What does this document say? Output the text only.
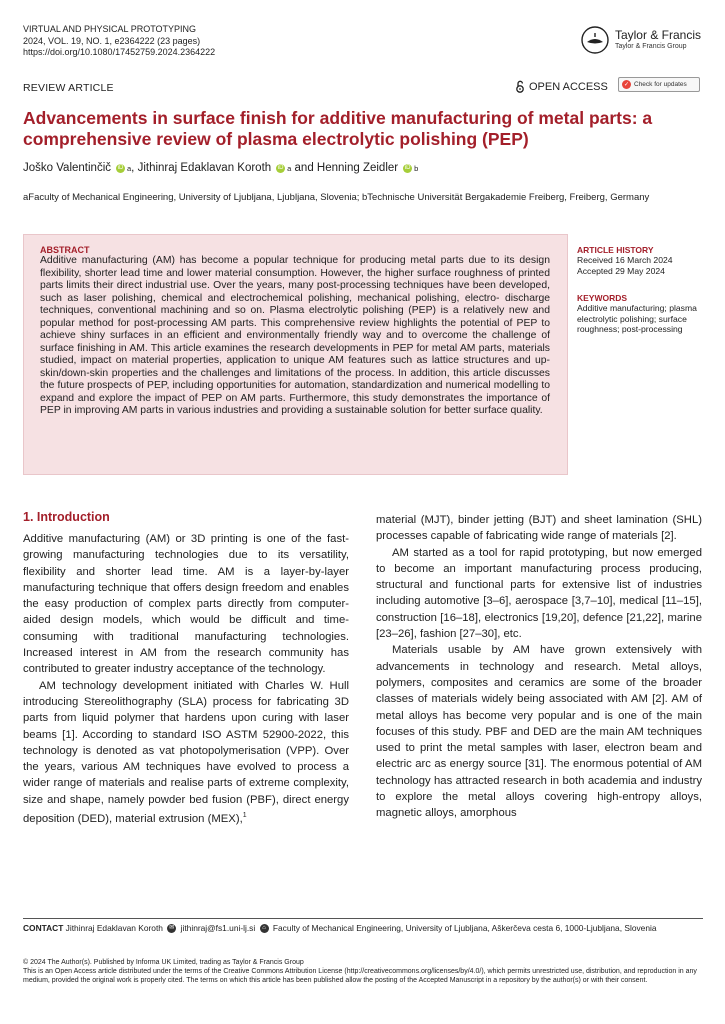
VIRTUAL AND PHYSICAL PROTOTYPING
2024, VOL. 19, NO. 1, e2364222 (23 pages)
https://doi.org/10.1080/17452759.2024.2364222
Taylor & Francis
Taylor & Francis Group
REVIEW ARTICLE	OPEN ACCESS	✓ Check for updates
Advancements in surface finish for additive manufacturing of metal parts: a comprehensive review of plasma electrolytic polishing (PEP)
Joško Valentinčič iD a , Jithinraj Edaklavan Koroth iD a and Henning Zeidler iD b
aFaculty of Mechanical Engineering, University of Ljubljana, Ljubljana, Slovenia; bTechnische Universität Bergakademie Freiberg, Freiberg, Germany
ABSTRACT
Additive manufacturing (AM) has become a popular technique for producing metal parts due to its design flexibility, shorter lead time and lower material consumption. However, the higher surface roughness of printed parts limits their direct industrial use. Over the years, many post-processing techniques have been developed, such as laser polishing, chemical and electrochemical polishing, mechanical polishing, electro- discharge techniques, conventional machining and so on. Plasma electrolytic polishing (PEP) is a relatively new and popular method for post-processing AM parts. This comprehensive review highlights the potential of PEP to achieve shiny surfaces in an efficient and environmentally friendly way and to overcome the challenge of surface finishing in AM. This article examines the research developments in PEP for metal AM parts, materials studied, impact on material properties, application to unique AM features such as lattice structures and up-skin/down-skin properties and the challenges and limitations of the process. In addition, this article discusses the future prospects of PEP, including opportunities for automation, standardization and numerical modelling to expand and explore the impact of PEP on AM parts. Furthermore, this study demonstrates the importance of PEP in improving AM parts in various industries and providing a sustainable solution for better surface quality.
ARTICLE HISTORY
Received 16 March 2024
Accepted 29 May 2024
KEYWORDS
Additive manufacturing; plasma electrolytic polishing; surface roughness; post-processing
1. Introduction

Additive manufacturing (AM) or 3D printing is one of the fast-growing manufacturing technologies due to its versatility, flexibility and shorter lead time. AM is a layer-by-layer manufacturing technique that offers design freedom and enables the easy production of complex parts directly from computer-aided design models, which would be difficult and time-consuming with traditional manufacturing technologies. Increased interest in AM from the research community has contributed to greater industry acceptance of the technology.

AM technology development initiated with Charles W. Hull introducing Stereolithography (SLA) process for fabricating 3D parts from liquid polymer that hardens upon curing with laser beams [1]. According to standard ISO ASTM 52900-2022, this technology is denoted as vat photopolymerisation (VPP). Over the years, various AM techniques have evolved to process a wider range of materials and realise parts of extreme complexity, size and shape, namely powder bed fusion (PBF), direct energy deposition (DED), material extrusion (MEX),$^1$

material (MJT), binder jetting (BJT) and sheet lamination (SHL) processes capable of fabricating wide range of materials [2].

AM started as a tool for rapid prototyping, but now emerged to become an important manufacturing process producing, structural and functional parts for extensive list of industries including automotive [3–6], aerospace [3,7–10], medical [11–15], construction [16–18], electronics [19,20], defence [21,22], marine [23–26], fashion [27–30], etc.

Materials usable by AM have grown extensively with advancements in technology and research. Metal alloys, polymers, composites and ceramics are some of the broader classes of materials widely being associated with AM [2]. AM of metal alloys has become very popular and is one of the main focuses of this study. PBF and DED are the main AM techniques used to print the metal samples with laser, electron beam and electric arc as energy source [31]. The enormous potential of AM technology has attracted research in both academia and industry to explore the metal alloys covering high-entropy alloys, magnetic alloys, amorphous

CONTACT Jithinraj Edaklavan Koroth ✉ jithinraj@fs1.uni-lj.si ⌂ Faculty of Mechanical Engineering, University of Ljubljana, Aškerčeva cesta 6, 1000-Ljubljana, Slovenia
© 2024 The Author(s). Published by Informa UK Limited, trading as Taylor & Francis Group
This is an Open Access article distributed under the terms of the Creative Commons Attribution License (http://creativecommons.org/licenses/by/4.0/), which permits unrestricted use, distribution, and reproduction in any medium, provided the original work is properly cited. The terms on which this article has been published allow the posting of the Accepted Manuscript in a repository by the author(s) or with their consent.
